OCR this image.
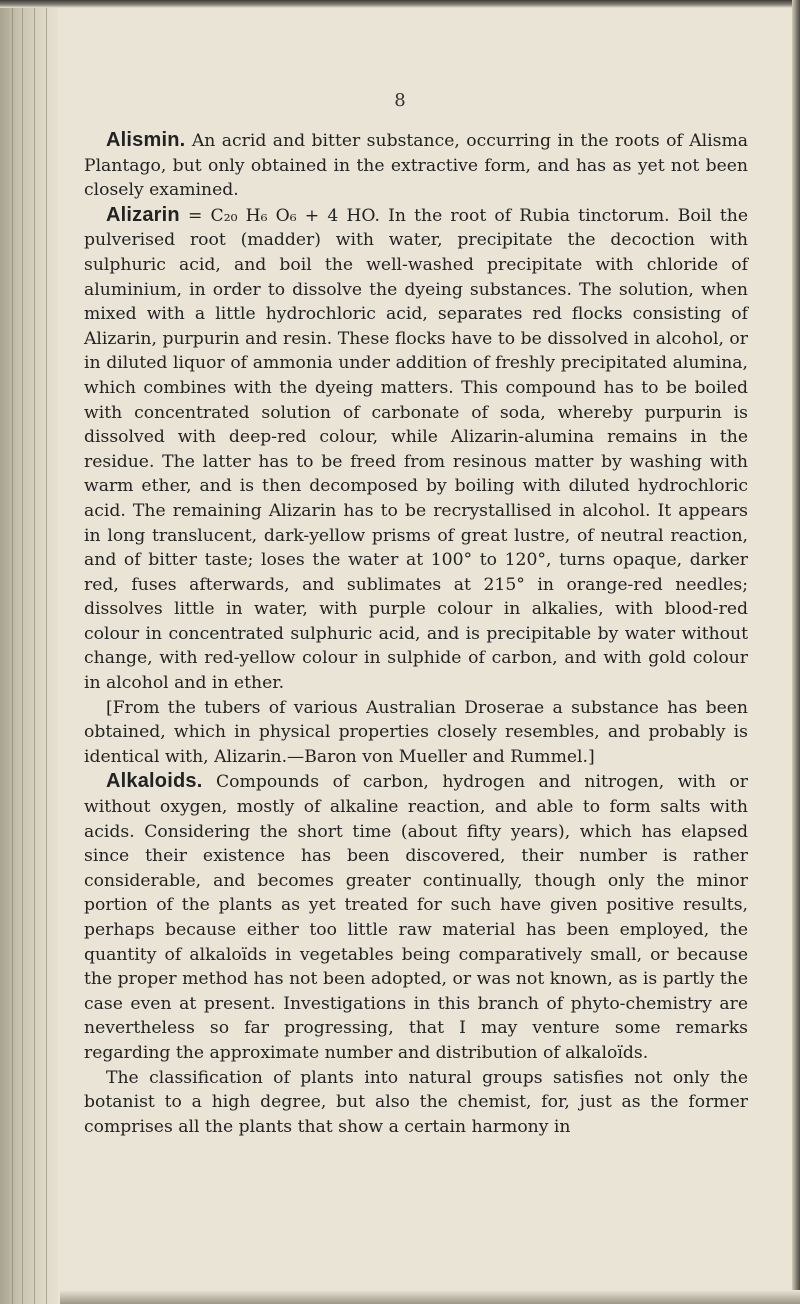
8

Alismin. An acrid and bitter substance, occurring in the roots of Alisma Plantago, but only obtained in the extractive form, and has as yet not been closely examined.

Alizarin = C₂₀ H₆ O₆ + 4 HO. In the root of Rubia tinctorum. Boil the pulverised root (madder) with water, precipitate the decoction with sulphuric acid, and boil the well-washed precipitate with chloride of aluminium, in order to dissolve the dyeing substances. The solution, when mixed with a little hydrochloric acid, separates red flocks consisting of Alizarin, purpurin and resin. These flocks have to be dissolved in alcohol, or in diluted liquor of ammonia under addition of freshly precipitated alumina, which combines with the dyeing matters. This compound has to be boiled with concentrated solution of carbonate of soda, whereby purpurin is dissolved with deep-red colour, while Alizarin-alumina remains in the residue. The latter has to be freed from resinous matter by washing with warm ether, and is then decomposed by boiling with diluted hydrochloric acid. The remaining Alizarin has to be recrystallised in alcohol. It appears in long translucent, dark-yellow prisms of great lustre, of neutral reaction, and of bitter taste; loses the water at 100° to 120°, turns opaque, darker red, fuses afterwards, and sublimates at 215° in orange-red needles; dissolves little in water, with purple colour in alkalies, with blood-red colour in concentrated sulphuric acid, and is precipitable by water without change, with red-yellow colour in sulphide of carbon, and with gold colour in alcohol and in ether.

[From the tubers of various Australian Droserae a substance has been obtained, which in physical properties closely resembles, and probably is identical with, Alizarin.—Baron von Mueller and Rummel.]

Alkaloids. Compounds of carbon, hydrogen and nitrogen, with or without oxygen, mostly of alkaline reaction, and able to form salts with acids. Considering the short time (about fifty years), which has elapsed since their existence has been discovered, their number is rather considerable, and becomes greater continually, though only the minor portion of the plants as yet treated for such have given positive results, perhaps because either too little raw material has been employed, the quantity of alkaloïds in vegetables being comparatively small, or because the proper method has not been adopted, or was not known, as is partly the case even at present. Investigations in this branch of phyto-chemistry are nevertheless so far progressing, that I may venture some remarks regarding the approximate number and distribution of alkaloïds.

The classification of plants into natural groups satisfies not only the botanist to a high degree, but also the chemist, for, just as the former comprises all the plants that show a certain harmony in
